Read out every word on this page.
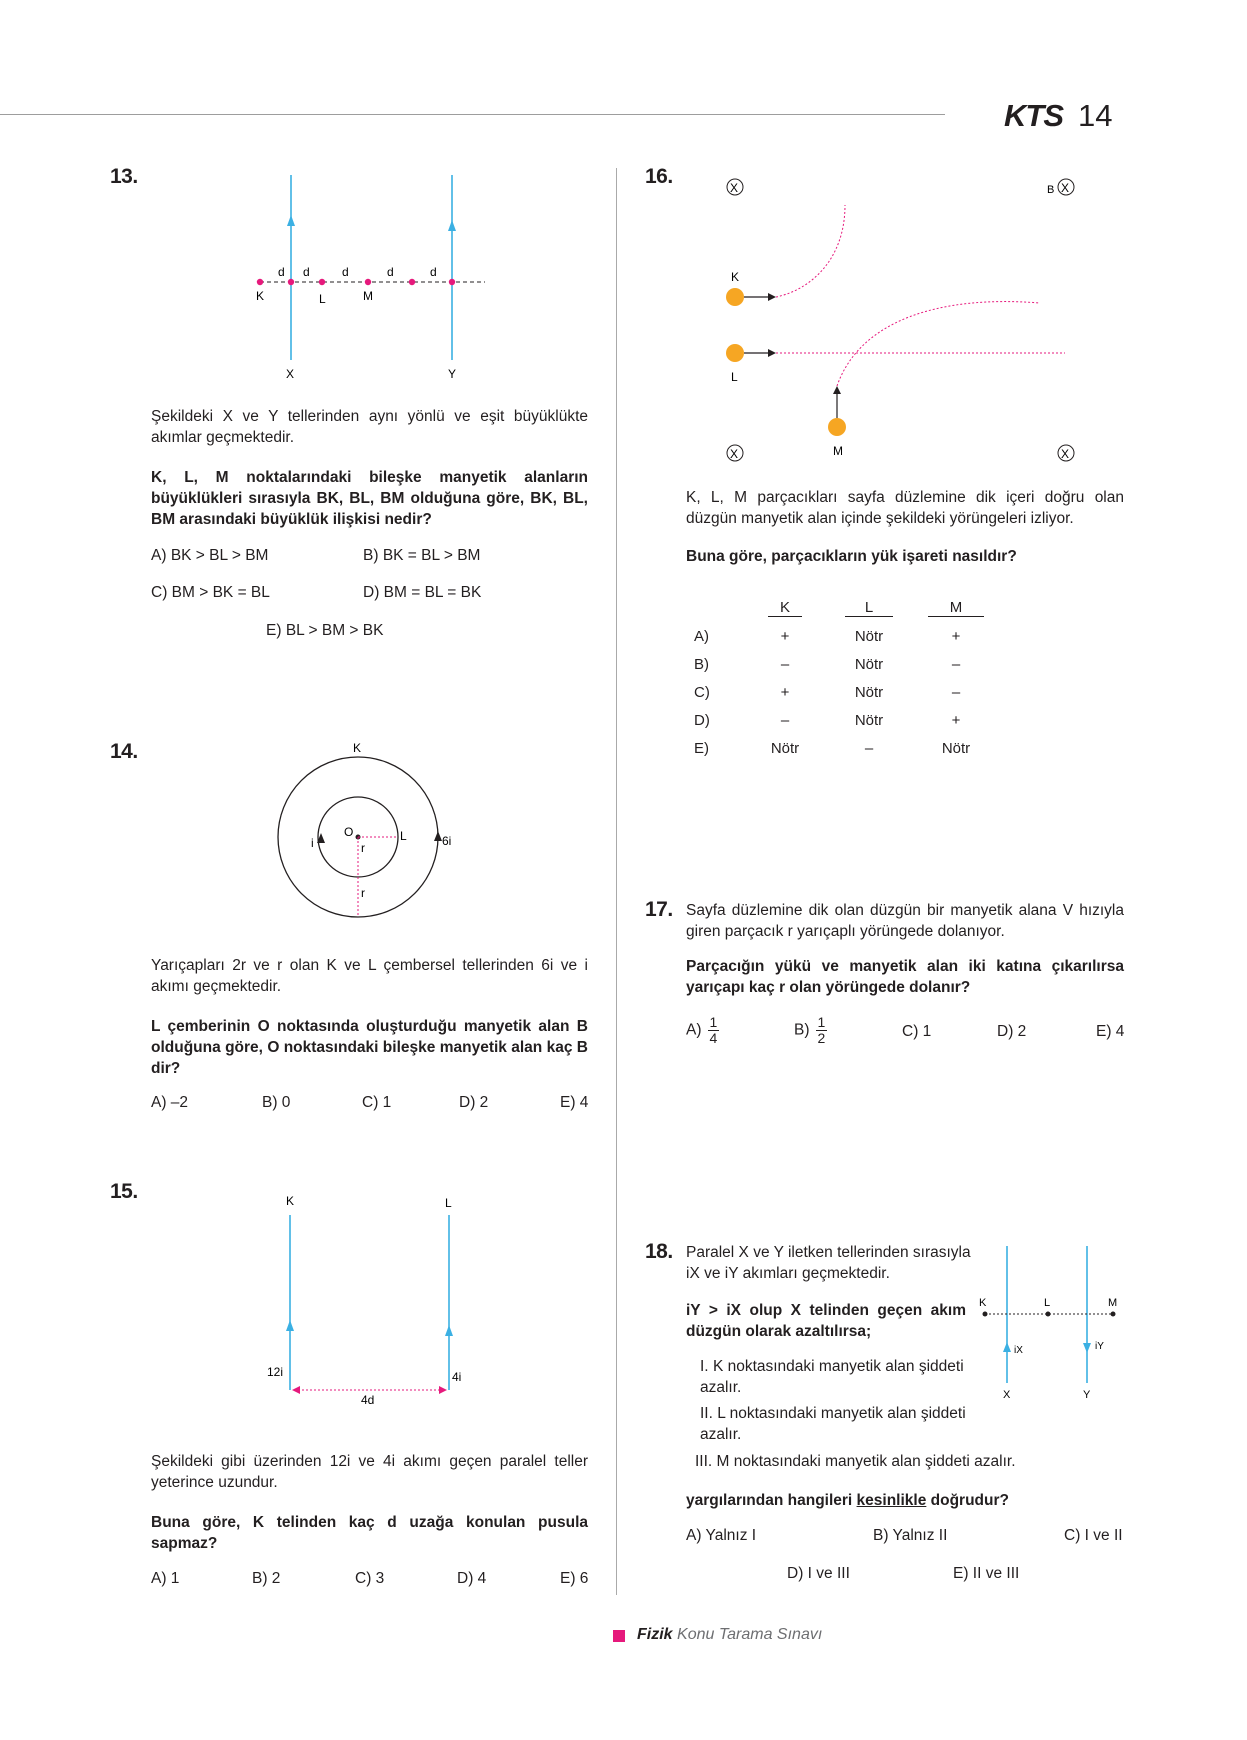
KTS 14
13.
d d	d	d	d
K	L	M
X	Y
Şekildeki X ve Y tellerinden aynı yönlü ve eşit büyüklükte akımlar geçmektedir.
K, L, M noktalarındaki bileşke manyetik alanların büyüklükleri sırasıyla BK, BL, BM olduğuna göre, BK, BL, BM arasındaki büyüklük ilişkisi nedir?
A) BK > BL > BM	B) BK = BL > BM
C) BM > BK = BL	D) BM = BL = BK
E) BL > BM > BK
14.	K
L
O
r
r
i	6i
Yarıçapları 2r ve r olan K ve L çembersel tellerinden 6i ve i akımı geçmektedir.
L çemberinin O noktasında oluşturduğu manyetik alan B olduğuna göre, O noktasındaki bileşke manyetik alan kaç B dir?
A) –2	B) 0	C) 1	D) 2	E) 4
15.	K	L
12i	4i
4d
Şekildeki gibi üzerinden 12i ve 4i akımı geçen paralel teller yeterince uzundur.
Buna göre, K telinden kaç d uzağa konulan pusula sapmaz?
A) 1	B) 2	C) 3	D) 4	E) 6
16.	X	B X
X	X
K
L
M
K, L, M parçacıkları sayfa düzlemine dik içeri doğru olan düzgün manyetik alan içinde şekildeki yörüngeleri izliyor.
Buna göre, parçacıkların yük işareti nasıldır?
	K	L	M
A)	+	Nötr	+
B)	–	Nötr	–
C)	+	Nötr	–
D)	–	Nötr	+
E)	Nötr	–	Nötr
17. Sayfa düzlemine dik olan düzgün bir manyetik alana V hızıyla giren parçacık r yarıçaplı yörüngede dolanıyor.
Parçacığın yükü ve manyetik alan iki katına çıkarılırsa yarıçapı kaç r olan yörüngede dolanır?
$A) \frac{1}{4}$	$B) \frac{1}{2}$	C) 1	D) 2	E) 4
18. Paralel X ve Y iletken tellerinden sırasıyla iX ve iY akımları geçmektedir.
iY > iX olup X telinden geçen akım düzgün olarak azaltılırsa;
K	L	M
iX	iY
X	Y
I. K noktasındaki manyetik alan şiddeti azalır.
II. L noktasındaki manyetik alan şiddeti azalır.
III. M noktasındaki manyetik alan şiddeti azalır.
yargılarından hangileri kesinlikle doğrudur?
A) Yalnız I	B) Yalnız II	C) I ve II
D) I ve III	E) II ve III
Fizik Konu Tarama Sınavı
